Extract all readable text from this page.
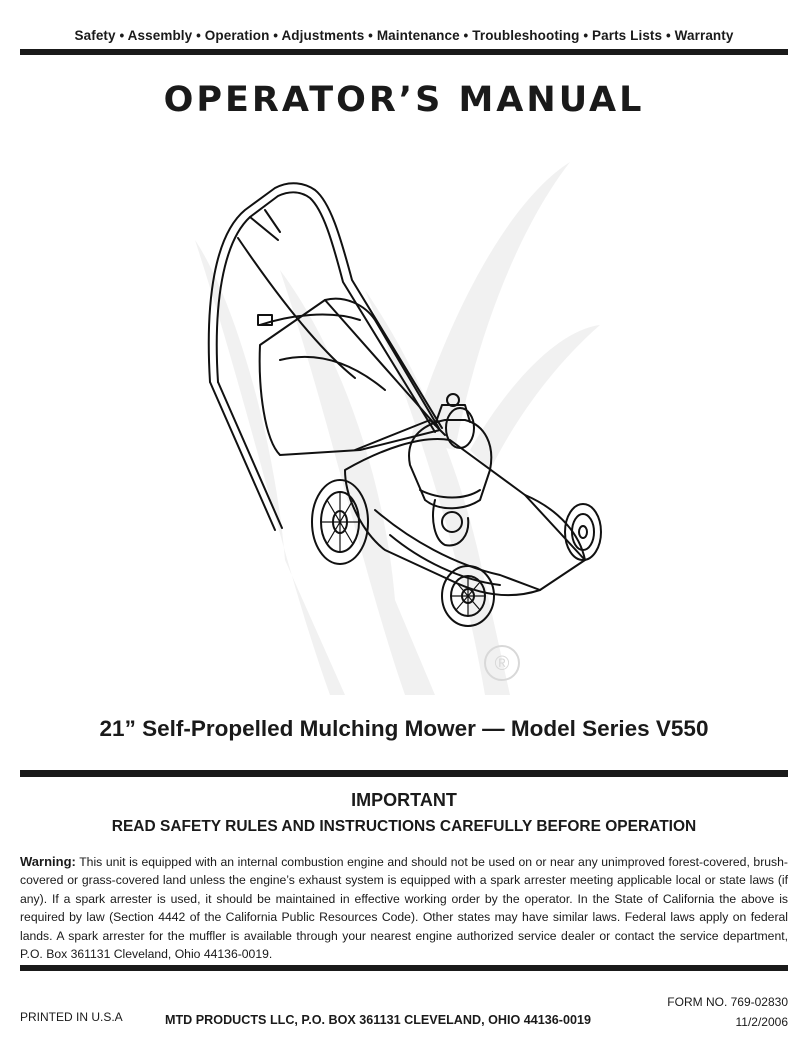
Safety • Assembly • Operation • Adjustments • Maintenance • Troubleshooting • Parts Lists • Warranty
OPERATOR’S MANUAL
®
21” Self-Propelled Mulching Mower — Model Series V550
IMPORTANT
READ SAFETY RULES AND INSTRUCTIONS CAREFULLY BEFORE OPERATION
Warning: This unit is equipped with an internal combustion engine and should not be used on or near any unimproved forest-covered, brush-covered or grass-covered land unless the engine’s exhaust system is equipped with a spark arrester meeting applicable local or state laws (if any). If a spark arrester is used, it should be maintained in effective working order by the operator. In the State of California the above is required by law (Section 4442 of the California Public Resources Code). Other states may have similar laws. Federal laws apply on federal lands. A spark arrester for the muffler is available through your nearest engine authorized service dealer or contact the service department, P.O. Box 361131 Cleveland, Ohio 44136-0019.
PRINTED IN U.S.A	MTD PRODUCTS LLC, P.O. BOX 361131 CLEVELAND, OHIO 44136-0019
FORM NO. 769-02830
11/2/2006
